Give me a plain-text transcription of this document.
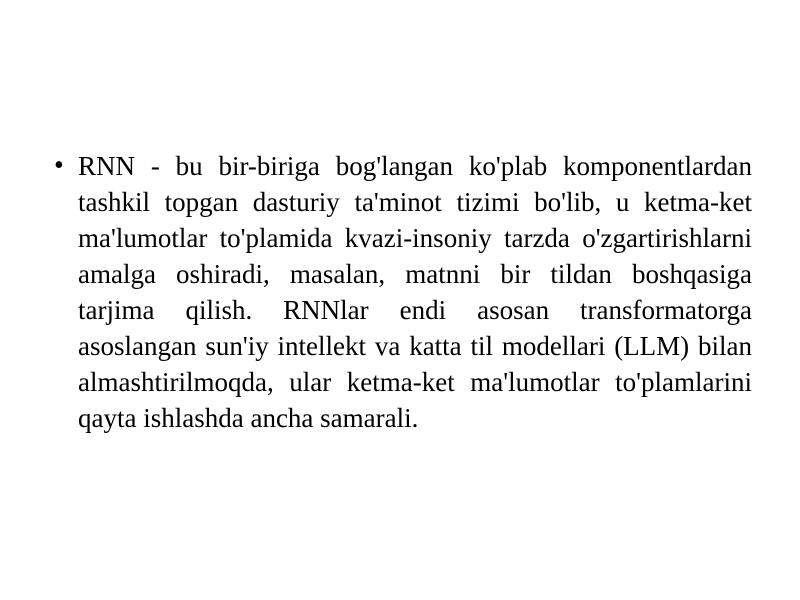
• RNN - bu bir-biriga bog'langan ko'plab komponentlardan tashkil topgan dasturiy ta'minot tizimi bo'lib, u ketma-ket ma'lumotlar to'plamida kvazi-insoniy tarzda o'zgartirishlarni amalga oshiradi, masalan, matnni bir tildan boshqasiga tarjima qilish. RNNlar endi asosan transformatorga asoslangan sun'iy intellekt va katta til modellari (LLM) bilan almashtirilmoqda, ular ketma-ket ma'lumotlar to'plamlarini qayta ishlashda ancha samarali.
